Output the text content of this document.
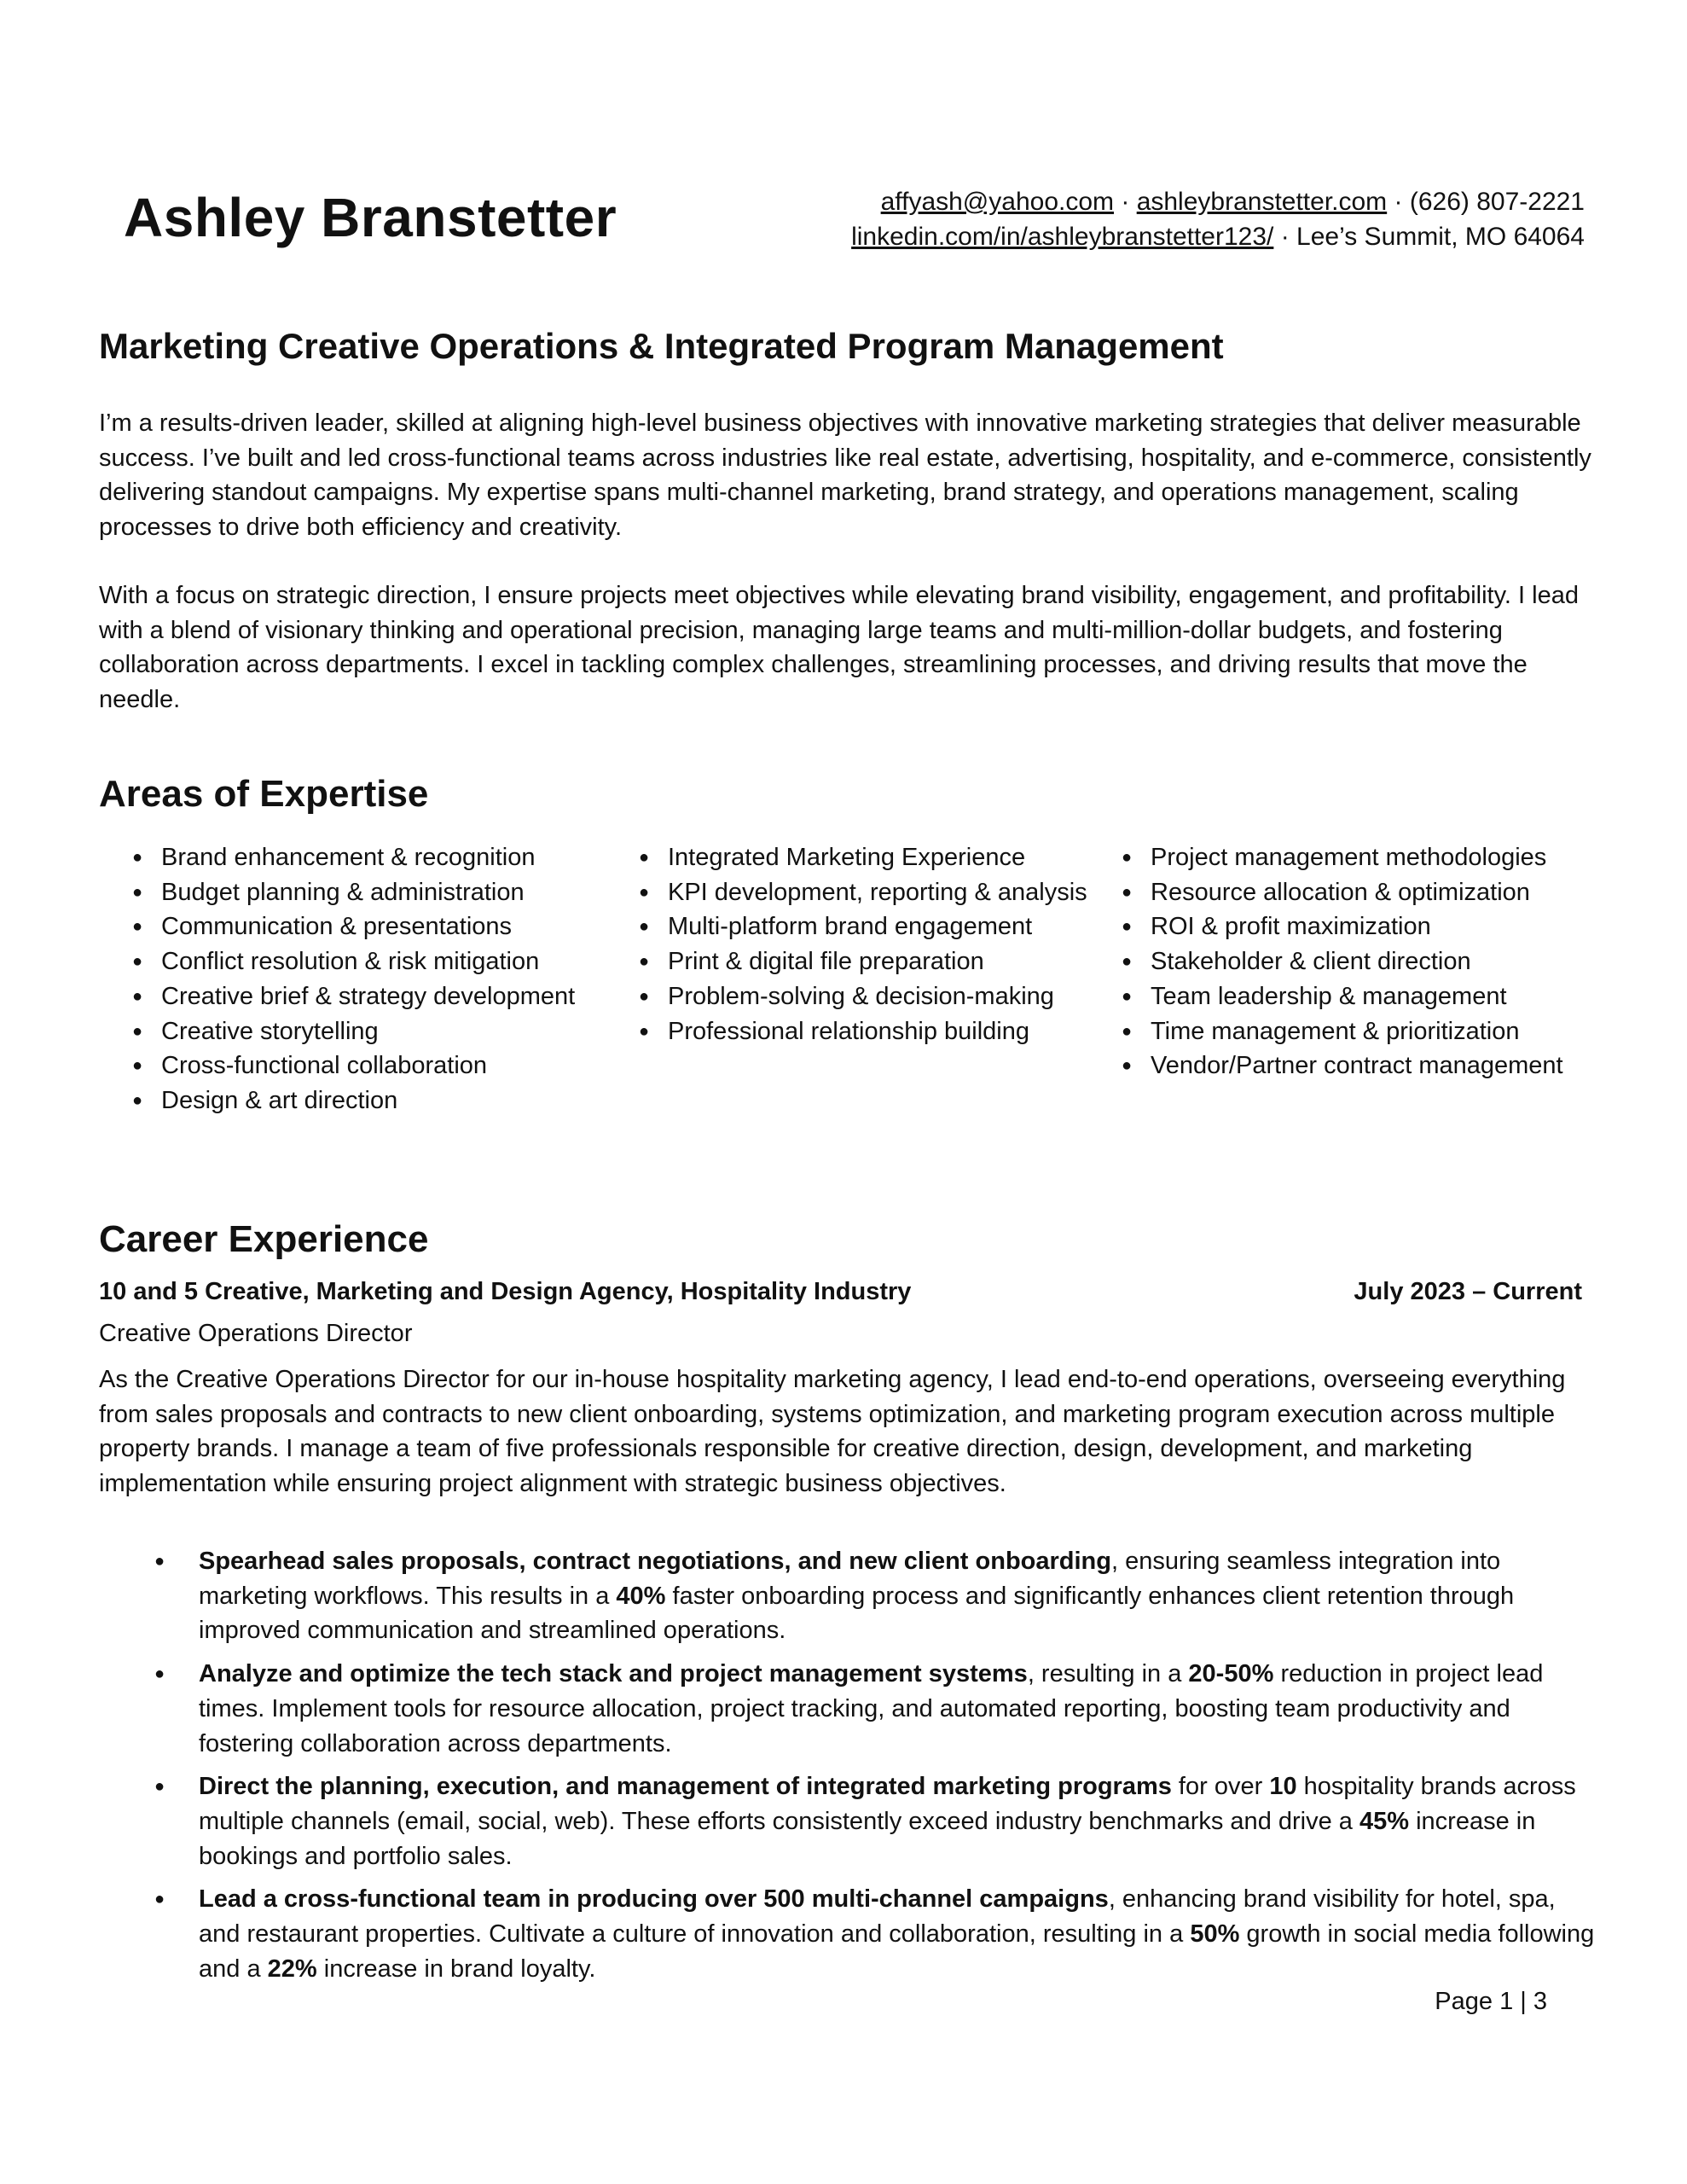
Ashley Branstetter	affyash@yahoo.com · ashleybranstetter.com · (626) 807-2221
linkedin.com/in/ashleybranstetter123/ · Lee’s Summit, MO 64064
Marketing Creative Operations & Integrated Program Management
I’m a results-driven leader, skilled at aligning high-level business objectives with innovative marketing strategies that deliver measurable success. I’ve built and led cross-functional teams across industries like real estate, advertising, hospitality, and e-commerce, consistently delivering standout campaigns. My expertise spans multi-channel marketing, brand strategy, and operations management, scaling processes to drive both efficiency and creativity.
With a focus on strategic direction, I ensure projects meet objectives while elevating brand visibility, engagement, and profitability. I lead with a blend of visionary thinking and operational precision, managing large teams and multi-million-dollar budgets, and fostering collaboration across departments. I excel in tackling complex challenges, streamlining processes, and driving results that move the needle.
Areas of Expertise
● Brand enhancement & recognition
● Budget planning & administration
● Communication & presentations
● Conflict resolution & risk mitigation
● Creative brief & strategy development
● Creative storytelling
● Cross-functional collaboration
● Design & art direction
● Integrated Marketing Experience
● KPI development, reporting & analysis
● Multi-platform brand engagement
● Print & digital file preparation
● Problem-solving & decision-making
● Professional relationship building
● Project management methodologies
● Resource allocation & optimization
● ROI & profit maximization
● Stakeholder & client direction
● Team leadership & management
● Time management & prioritization
● Vendor/Partner contract management
Career Experience
10 and 5 Creative, Marketing and Design Agency, Hospitality Industry	July 2023 – Current
Creative Operations Director
As the Creative Operations Director for our in-house hospitality marketing agency, I lead end-to-end operations, overseeing everything from sales proposals and contracts to new client onboarding, systems optimization, and marketing program execution across multiple property brands. I manage a team of five professionals responsible for creative direction, design, development, and marketing implementation while ensuring project alignment with strategic business objectives.
● Spearhead sales proposals, contract negotiations, and new client onboarding, ensuring seamless integration into marketing workflows. This results in a 40% faster onboarding process and significantly enhances client retention through improved communication and streamlined operations.
● Analyze and optimize the tech stack and project management systems, resulting in a 20-50% reduction in project lead times. Implement tools for resource allocation, project tracking, and automated reporting, boosting team productivity and fostering collaboration across departments.
● Direct the planning, execution, and management of integrated marketing programs for over 10 hospitality brands across multiple channels (email, social, web). These efforts consistently exceed industry benchmarks and drive a 45% increase in bookings and portfolio sales.
● Lead a cross-functional team in producing over 500 multi-channel campaigns, enhancing brand visibility for hotel, spa, and restaurant properties. Cultivate a culture of innovation and collaboration, resulting in a 50% growth in social media following and a 22% increase in brand loyalty.
Page 1 | 3
